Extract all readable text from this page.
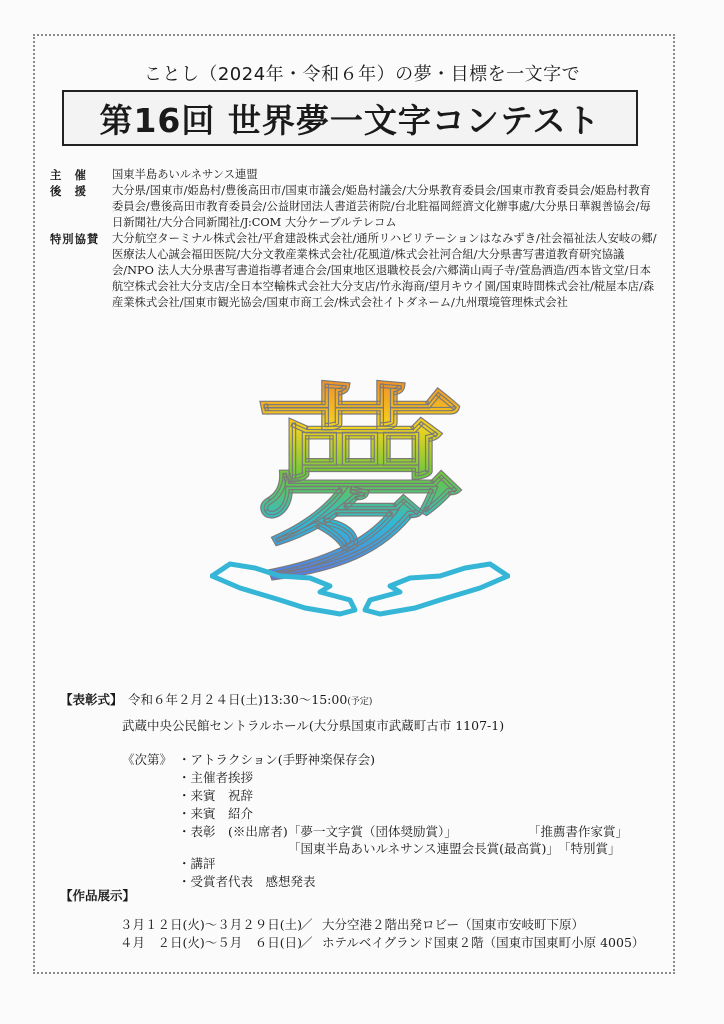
ことし（2024年・令和６年）の夢・目標を一文字で
第16回 世界夢一文字コンテスト
主　催	国東半島あいルネサンス連盟
後　援	大分県/国東市/姫島村/豊後高田市/国東市議会/姫島村議会/大分県教育委員会/国東市教育委員会/姫島村教育委員会/豊後高田市教育委員会/公益財団法人書道芸術院/台北駐福岡經濟文化辦事處/大分県日華親善協会/毎日新聞社/大分合同新聞社/J:COM 大分ケーブルテレコム
特別協賛	大分航空ターミナル株式会社/平倉建設株式会社/通所リハビリテーションはなみずき/社会福祉法人安岐の郷/医療法人心誠会福田医院/大分文教産業株式会社/花風道/株式会社河合組/大分県書写書道教育研究協議会/NPO 法人大分県書写書道指導者連合会/国東地区退職校長会/六郷満山両子寺/萱島酒造/西本皆文堂/日本航空株式会社大分支店/全日本空輸株式会社大分支店/竹永海商/望月キウイ園/国東時間株式会社/糀屋本店/森産業株式会社/国東市観光協会/国東市商工会/株式会社イトダネーム/九州環境管理株式会社
夢
【表彰式】 令和６年２月２４日(土)13:30～15:00(予定)
武蔵中央公民館セントラルホール(大分県国東市武蔵町古市 1107-1)
《次第》 ・アトラクション(手野神楽保存会)
・主催者挨拶
・来賓　祝辞
・来賓　紹介
・表彰　(※出席者) 「夢一文字賞（団体奨励賞）」	「推薦書作家賞」
「国東半島あいルネサンス連盟会長賞(最高賞)」 「特別賞」
・講評
・受賞者代表　感想発表
【作品展示】
３月１２日(火)～３月２９日(土)
／ 大分空港２階出発ロビー（国東市安岐町下原）
４月　２日(火)～５月　６日(日)
／ ホテルベイグランド国東２階（国東市国東町小原 4005）
